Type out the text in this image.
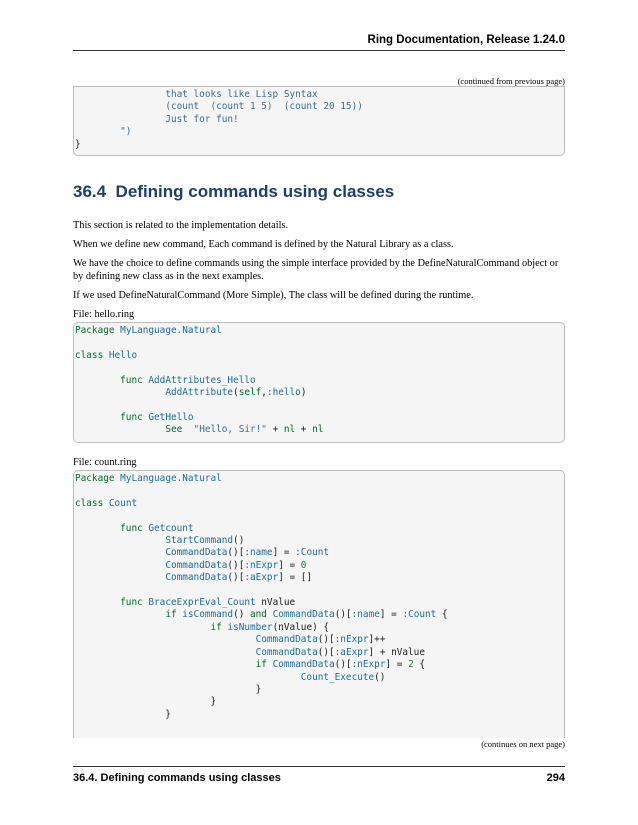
Ring Documentation, Release 1.24.0
(continued from previous page)
that looks like Lisp Syntax
(count  (count 1 5)  (count 20 15))
Just for fun!
")
}
36.4 Defining commands using classes

This section is related to the implementation details.

When we define new command, Each command is defined by the Natural Library as a class.

We have the choice to define commands using the simple interface provided by the DefineNaturalCommand object or by defining new class as in the next examples.

If we used DefineNaturalCommand (More Simple), The class will be defined during the runtime.

File: hello.ring

Package MyLanguage.Natural

class Hello

func AddAttributes_Hello
AddAttribute(self,:hello)

func GetHello
See "Hello, Sir!" + nl + nl

File: count.ring

Package MyLanguage.Natural

class Count

func Getcount
StartCommand()
CommandData()[:name] = :Count
CommandData()[:nExpr] = 0
CommandData()[:aExpr] = []

func BraceExprEval_Count nValue
if isCommand() and CommandData()[:name] = :Count {
if isNumber(nValue) {
CommandData()[:nExpr]++
CommandData()[:aExpr] + nValue
if CommandData()[:nExpr] = 2 {
Count_Execute()
}
}
}

(continues on next page)
36.4. Defining commands using classes	294
